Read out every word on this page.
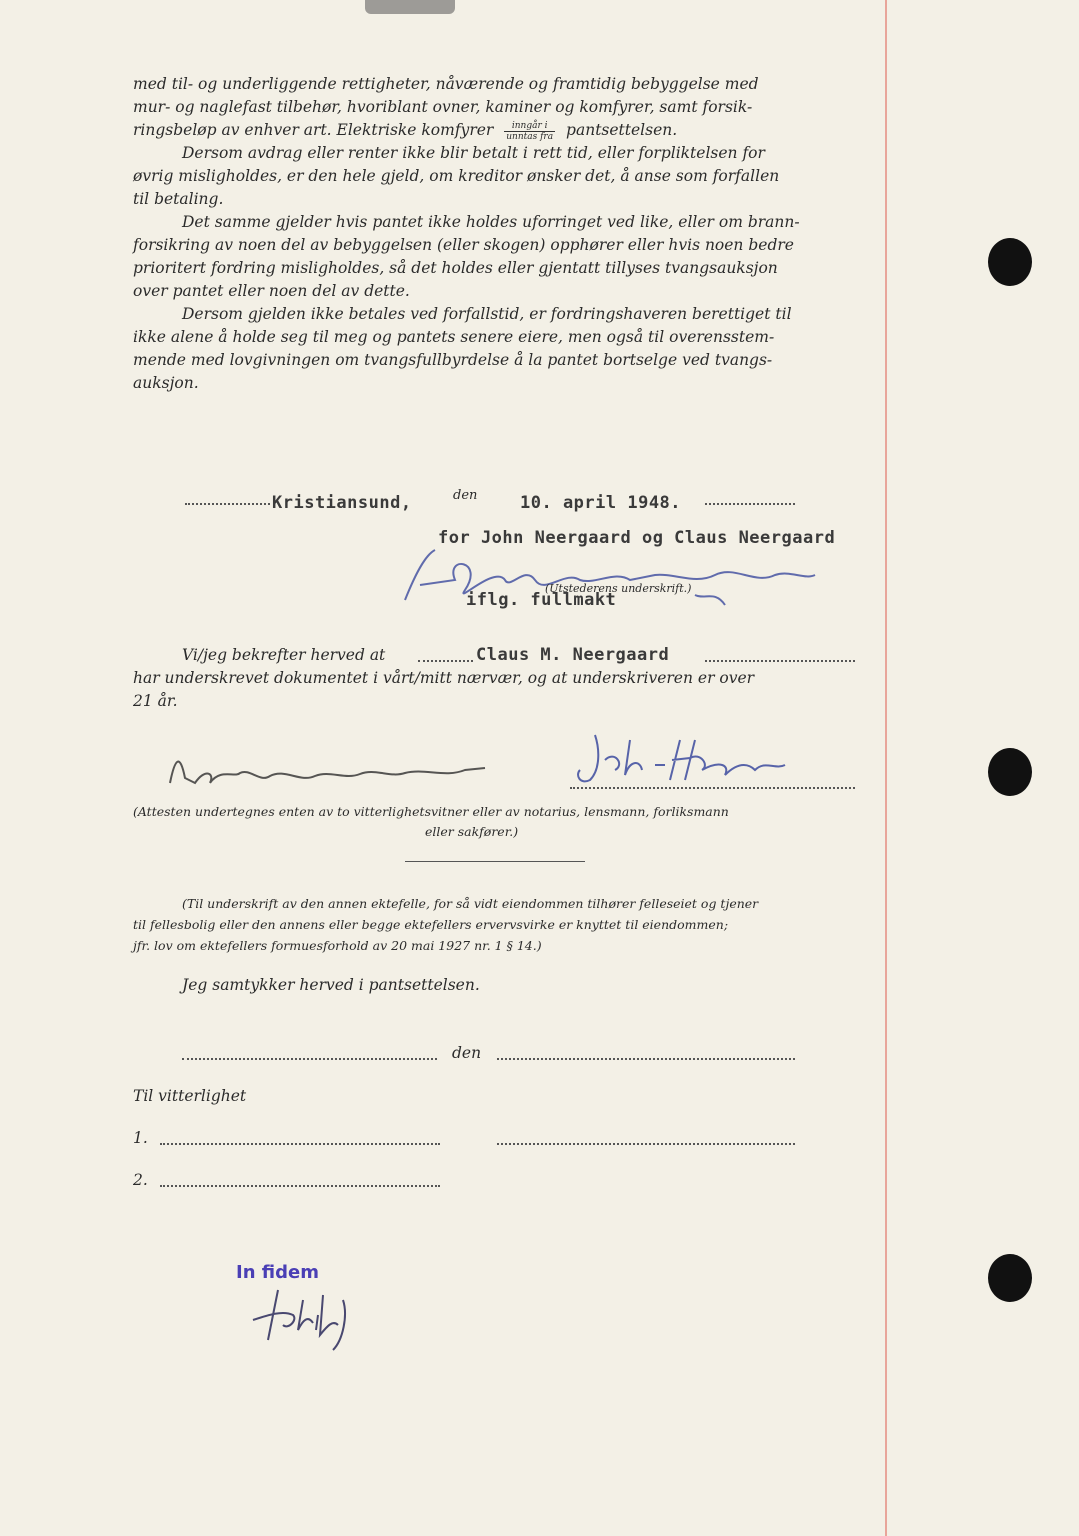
med til- og underliggende rettigheter, nåværende og framtidig bebyggelse med
mur- og naglefast tilbehør, hvoriblant ovner, kaminer og komfyrer, samt forsik-
ringsbeløp av enhver art. Elektriske komfyrer $\frac{\text{inngår i}}{\text{unntas fra}}$ pantsettelsen.
Dersom avdrag eller renter ikke blir betalt i rett tid, eller forpliktelsen for
øvrig misligholdes, er den hele gjeld, om kreditor ønsker det, å anse som forfallen
til betaling.
Det samme gjelder hvis pantet ikke holdes uforringet ved like, eller om brann-
forsikring av noen del av bebyggelsen (eller skogen) opphører eller hvis noen bedre
prioritert fordring misligholdes, så det holdes eller gjentatt tillyses tvangsauksjon
over pantet eller noen del av dette.
Dersom gjelden ikke betales ved forfallstid, er fordringshaveren berettiget til
ikke alene å holde seg til meg og pantets senere eiere, men også til overensstem-
mende med lovgivningen om tvangsfullbyrdelse å la pantet bortselge ved tvangs-
auksjon.
Kristiansund,	den	10. april 1948.
for John Neergaard og Claus Neergaard
(Utstederens underskrift.)
iflg. fullmakt
Vi/jeg bekrefter herved at	Claus M. Neergaard
har underskrevet dokumentet i vårt/mitt nærvær, og at underskriveren er over
21 år.
(Attesten undertegnes enten av to vitterlighetsvitner eller av notarius, lensmann, forliksmann
eller sakfører.)
(Til underskrift av den annen ektefelle, for så vidt eiendommen tilhører felleseiet og tjener
til fellesbolig eller den annens eller begge ektefellers ervervsvirke er knyttet til eiendommen;
jfr. lov om ektefellers formuesforhold av 20 mai 1927 nr. 1 § 14.)
Jeg samtykker herved i pantsettelsen.
den
Til vitterlighet
1.
2.
In fidem
